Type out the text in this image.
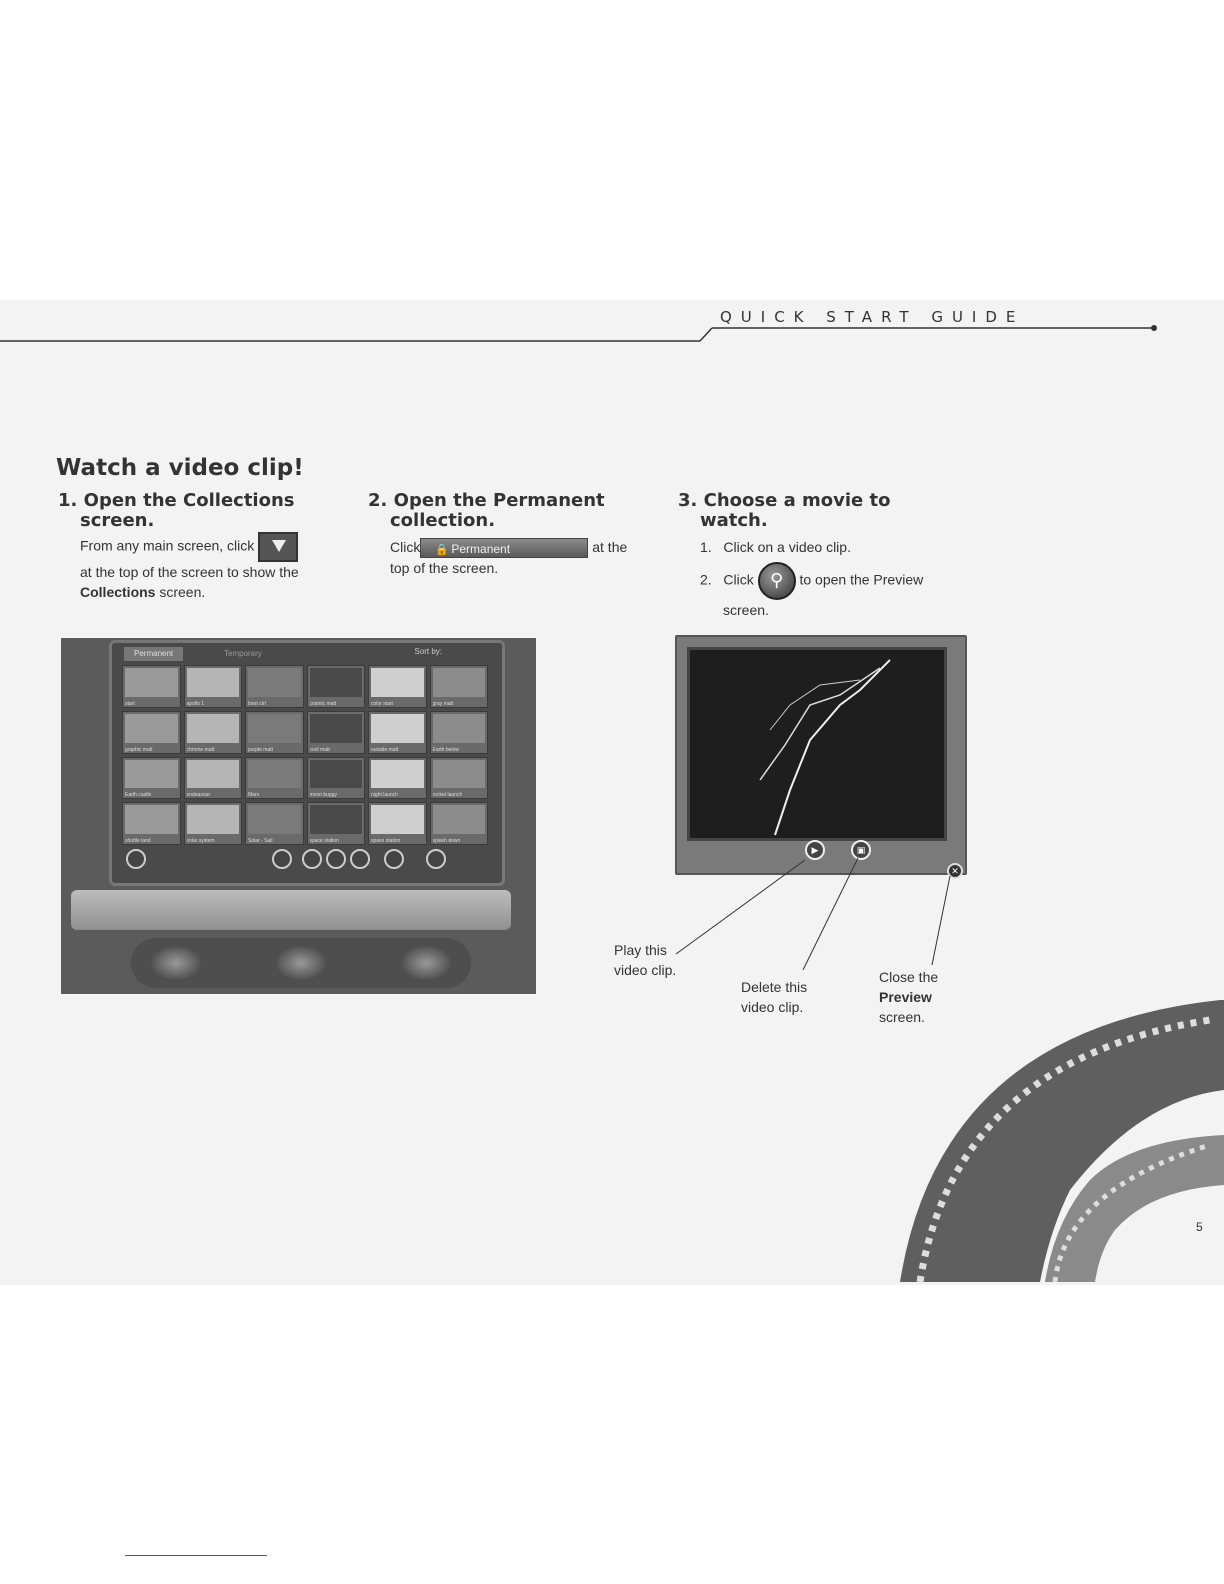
QUICK START GUIDE
Watch a video clip!
1. Open the Collections
screen.
From any main screen, click
at the top of the screen to show the
Collections screen.
2. Open the Permanent
collection.
Click 🔒 Permanent	at the
top of the screen.
3. Choose a movie to
watch.
1. Click on a video clip.
2. Click ⚲ to open the Preview
screen.
Permanent	Temporary	Sort by:
start	apollo 1	boot ctrl	cosmic matt	color start	gray matt
graphic matt	chrome matt	purple matt	cool matt	outside matt	Earth below
Earth castle	endeavour	Mars	moon buggy	night launch	rocket launch
shuttle land	solar system	Solar - Sail	space station	space station	splash down
▶	▣
✕
Play this
video clip.
Delete this
video clip.
Close the
Preview
screen.
5
